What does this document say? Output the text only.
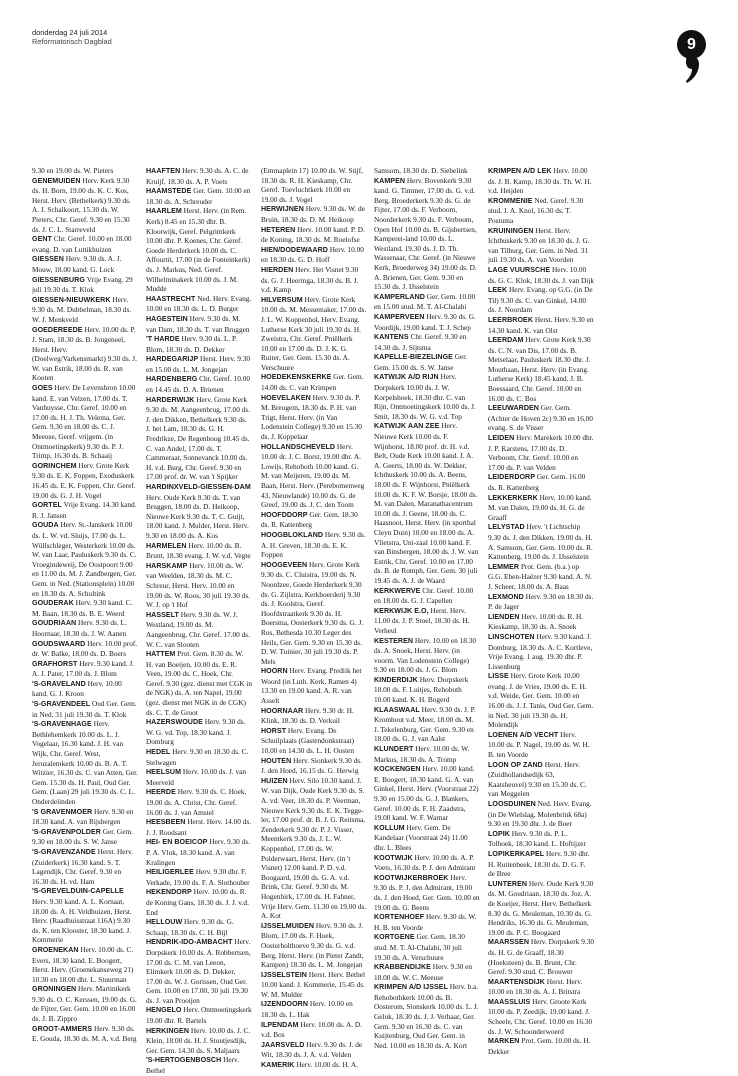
donderdag 24 juli 2014
Reformatorisch Dagblad	9

9.30 en 19.00 ds. W. Pieters

GENEMUIDEN Herv. Kerk 9.30 ds. H. Born, 19.00 ds. K. C. Kos, Herst. Herv. (Bethelkerk) 9.30 ds. A. J. Schalkoort, 15.30 ds. W. Pieters, Chr. Geref. 9.30 en 15.30 ds. J. C. L. Starreveld

GENT Chr. Geref. 10.00 en 18.00 evang. D. van Luttikhuizen

GIESSEN Herv. 9.30 ds. A. J. Mouw, 18.00 kand. G. Lock

GIESSENBURG Vrije Evang. 29 juli 19.30 ds. T. Klok

GIESSEN-NIEUWKERK Herv. 9.30 ds. M. Dubbelman, 18.30 ds. W. J. Menkveld

GOEDEREEDE Herv. 10.00 ds. P. J. Stam, 18.30 ds. B. Jongeneel, Herst. Herv. (Doelweg/Varkensmarkt) 9.30 ds. J. W. van Estrik, 18.00 ds. R. van Kooten

GOES Herv. De Levensbron 10.00 kand. E. van Velzen, 17.00 ds. T. Vanhuysse, Chr. Geref. 10.00 en 17.00 ds. H. J. Th. Velema, Ger. Gem. 9.30 en 18.00 ds. C. J. Meeuse, Geref. vrijgem. (in Ontmoetingskerk) 9.30 ds. P. J. Trimp, 16.30 ds. B. Schaaij

GORINCHEM Herv. Grote Kerk 9.30 ds. E. K. Foppen, Exoduskerk 16.45 ds. E. K. Foppen, Chr. Geref. 19.00 ds. G. J. H. Vogel

GORTEL Vrije Evang. 14.30 kand. R. J. Jansen

GOUDA Herv. St.-Janskerk 10.00 ds. L. W. vd. Sluijs, 17.00 ds. L. Wüllschleger, Westerkerk 10.00 ds. W. van Laar, Pauluskerk 9.30 ds. C. Vroegindeweij, De Oostpoort 9.00 en 11.00 ds. M. J. Zandbergen, Ger. Gem. in Ned. (Stationsplein) 10.00 en 18.30 ds. A. Schultink

GOUDERAK Herv. 9.30 kand. C. M. Baan, 18.30 ds. B. E. Weerd

GOUDRIAAN Herv. 9.30 ds. L. Hoornaar, 18.30 ds. J. W. Aanen

GOUDSWAARD Herv. 10.00 prof. dr. W. Balke, 18.00 ds. D. Boers

GRAFHORST Herv. 9.30 kand. J. A. J. Pater, 17.00 ds. J. Blom

'S-GRAVELAND Herv. 10.00 kand. G. J. Kroon

'S-GRAVENDEEL Oud Ger. Gem. in Ned. 31 juli 19.30 ds. T. Klok

'S-GRAVENHAGE Herv. Bethlehemkerk 10.00 ds. L. J. Vogelaar, 16.30 kand. J. H. van Wijk, Chr. Geref. West, Jeruzalemkerk 10.00 ds. B. A. T. Witzier, 16.30 ds. C. van Atten, Ger. Gem. 15.30 ds. H. Paul, Oud Ger. Gem. (Laan) 29 juli 19.30 ds. C. L. Onderdelinden

'S GRAVENMOER Herv. 9.30 en 18.30 kand. A. van Rijsbergen

'S-GRAVENPOLDER Ger. Gem. 9.30 en 18.00 ds. S. W. Janse

'S-GRAVENZANDE Herst. Herv. (Zuiderkerk) 16.30 kand. S. T. Lagendijk, Chr. Geref. 9.30 en 16.30 ds. H. vd. Ham

'S-GREVELDUIN-CAPELLE Herv. 9.30 kand. A. L. Kornaat, 18.00 ds. A. H. Veldhuizen, Herst. Herv. (Raadhuisstraat 116A) 9.30 ds. K. ten Klooster, 18.30 kand. J. Kommerie

GROENEKAN Herv. 10.00 ds. C. Evers, 18.30 kand. E. Boogert, Herst. Herv. (Groenekanseweg 21) 10.30 en 18.00 dhr. L. Stuurman

GRONINGEN Herv. Martinikerk 9.30 ds. O. C. Kerssen, 19.00 ds. G. de Fijter, Ger. Gem. 10.00 en 16.00 ds. J. B. Zippro

GROOT-AMMERS Herv. 9.30 ds. E. Gouda, 18.30 ds. M. A. v.d. Berg

HAAFTEN Herv. 9.30 ds. A. C. de Kruijf, 18.30 ds. A. P. Voets

HAAMSTEDE Ger. Gem. 10.00 en 18.30 ds. A. Schreuder

HAARLEM Herst. Herv. (in Rem. Kerk) 8.45 en 15.30 dhr. B. Klootwijk, Geref. Pelgrimkerk 10.00 dhr. P. Koenes, Chr. Geref. Goede Herderkerk 10.00 ds. C. Affourtit, 17.00 (in de Fonteinkerk) ds. J. Markus, Ned. Geref. Wilhelminakerk 10.00 ds. J. M. Mudde

HAASTRECHT Ned. Herv. Evang. 10.00 en 18.30 ds. L. D. Burger

HAGESTEIN Herv. 9.30 ds. M. van Dam, 18.30 ds. T. van Bruggen

'T HARDE Herv. 9.30 ds. L. P. Blom, 18.30 ds. D. Dekker

HARDEGARIJP Herst. Herv. 9.30 en 15.00 ds. L. M. Jongejan

HARDENBERG Chr. Geref. 10.00 en 14.45 ds. D. A. Brienen

HARDERWIJK Herv. Grote Kerk 9.30 ds. M. Aangeenbrug, 17.00 ds. J. den Dikken, Bethelkerk 9.30 ds. J. het Lam, 18.30 ds. G. H. Fredrikze, De Regenboog 10.45 ds. C. van Andel, 17.00 ds. T. Cammeraat, Sonnevanck 10.00 ds. H. v.d. Burg, Chr. Geref. 9.30 en 17.00 prof. dr. W. van 't Spijker

HARDINXVELD-GIESSEN-DAM Herv. Oude Kerk 9.30 ds. T. van Bruggen, 18.00 ds. D. Heikoop, Nieuwe Kerk 9.30 ds. T. C. Guijt, 18.00 kand. J. Mulder, Herst. Herv. 9.30 en 18.00 ds. A. Kos

HARMELEN Herv. 10.00 ds. B. Brunt, 18.30 evang. J. W. v.d. Vegte

HARSKAMP Herv. 10.00 ds. W. van Weelden, 18.30 ds. M. C. Schreur, Herst. Herv. 10.00 en 19.00 ds. W. Roos, 30 juli 19.30 ds. W. J. op 't Hof

HASSELT Herv. 9.30 ds. W. J. Westland, 19.00 ds. M. Aangeenbrug, Chr. Geref. 17.00 ds. W. C. van Slooten

HATTEM Prot. Gem. 8.30 ds. W. H. van Boeijen, 10.00 ds. E. R. Veen, 19.00 ds. C. Hoek, Chr. Geref. 9.30 (gez. dienst met CGK in de NGK) ds. A. ten Napel, 19.00 (gez. dienst met NGK in de CGK) ds. C. T. de Groot

HAZERSWOUDE Herv. 9.30 ds. W. G. vd. Top, 18.30 kand. J. Domburg

HEDEL Herv. 9.30 en 18.30 ds. C. Stelwagen

HEELSUM Herv. 10.00 ds. J. van Meerveld

HEERDE Herv. 9.30 ds. C. Hoek, 19.00 ds. A. Christ, Chr. Geref. 16.00 ds. J. van Amstel

HEESBEEN Herst. Herv. 14.00 ds. J. J. Roodsant

HEI- EN BOEICOP Herv. 9.30 ds. P. A. Vlok, 18.30 kand. A. van Kralingen

HEILIGERLEE Herv. 9.30 dhr. F. Verkade, 19.00 ds. F. A. Slothouber

HEKENDORP Herv. 10.00 ds. R. de Koning Gans, 18.30 ds. J. J. v.d. End

HELLOUW Herv. 9.30 ds. G. Schaap, 18.30 ds. C. H. Bijl

HENDRIK-IDO-AMBACHT Herv. Dorpskerk 10.00 ds. A. Robbertsen, 17.00 ds. C. M. van Leeon, Elimkerk 10.00 ds. D. Dekker, 17.00 ds. W. J. Gorissen, Oud Ger. Gem. 10.00 en 17.00, 30 juli 19.30 ds. J. van Prooijen

HENGELO Herv. Ontmoetingskerk 19.00 dhr. R. Bartels

HERKINGEN Herv. 10.00 ds. J. C. Klein, 18.00 ds. H. J. Stoutjesdijk, Ger. Gem. 14.30 ds. S. Maljaars

'S-HERTOGENBOSCH Herv. Bethel

(Emmaplein 17) 10.00 ds. W. Stijf, 18.30 ds. R. H. Kieskamp, Chr. Geref. Toevluchtkerk 10.00 en 19.00 ds. J. Vogel

HERWIJNEN Herv. 9.30 ds. W. de Bruin, 18.30 ds. D. M. Heikoop

HETEREN Herv. 10.00 kand. P. D. de Koning, 18.30 ds. M. Roelofse

HIEN/DODEWAARD Herv. 10.00 en 18.30 ds. G. D. Hoff

HIERDEN Herv. Het Visnet 9.30 ds. G. J. Heeringa, 18.30 ds. B. J. v.d. Kamp

HILVERSUM Herv. Grote Kerk 10.00 ds. M. Messemaker, 17.00 ds. J. L. W. Koppenhol, Herv. Evang. Lutherse Kerk 30 juli 19.30 ds. H. Zweistra, Chr. Geref. Pniëlkerk 10.00 en 17.00 ds. D. J. K. G. Ruiter, Ger. Gem. 15.30 ds. A. Verschuure

HOEDEKENSKERKE Ger. Gem. 14.00 ds. C. van Krimpen

HOEVELAKEN Herv. 9.30 ds. P. M. Breugem, 18.30 ds. P. H. van Trigt, Herst. Herv. (in Van Lodenstein College) 9.30 en 15.30 ds. J. Koppelaar

HOLLANDSCHEVELD Herv. 10.00 dr. J. C. Borst, 19.00 dhr. A. Lowijs, Rehoboth 10.00 kand. G. M. van Meijeren, 19.00 ds. M. Baan, Herst. Herv. (Perebomenweg 43, Nieuwlande) 10.00 ds. G. de Greef, 19.00 ds. J. C. den Toom

HOOFDDORP Ger. Gem. 18.30 ds. R. Kattenberg

HOOGBLOKLAND Herv. 9.30 ds. A. H. Greven, 18.30 ds. E. K. Foppen

HOOGEVEEN Herv. Grote Kerk 9.30 ds. C. Cluistra, 19.00 ds. N. Noordzee, Goede Herderkerk 9.30 ds. G. Zijlstra, Kerkboerderij 9.30 ds. J. Koolstra, Geref. Hoofdstraatkerk 9.30 ds. H. Boersma, Oosterkerk 9.30 ds. G. J. Ros, Bethesda 10.30 Leger des Heils, Ger. Gem. 9.30 en 15.30 ds. D. W. Tuinier, 30 juli 19.30 ds. P. Mels

HOORN Herv. Evang. Prediik het Woord (in Luth. Kerk, Ramen 4) 13.30 en 19.00 kand. A. R. van Asselt

HOORNAAR Herv. 9.30 dr. H. Klink, 18.30 ds. D. Verkuil

HORST Herv. Evang. De Schuilplaats (Gastendonkstraat) 10.00 en 14.30 ds. L. H. Oosten

HOUTEN Herv. Sionkerk 9.30 ds. J. den Hoed, 16.15 ds. G. Herwig

HUIZEN Herv. Silo 10.30 kand. J. W. van Dijk, Oude Kerk 9.30 ds. S. A. vd. Veer, 18.30 ds. P. Veerman, Nieuwe Kerk 9.30 ds. E. K. Tegge-ler, 17.00 prof. dr. B. J. G. Reitsma, Zenderkerk 9.30 dr. P. J. Visser, Meentkerk 9.30 ds. J. L. W. Koppenhol, 17.00 ds. W. Polderwaart, Herst. Herv. (in 't Visnet) 12.00 kand. P. D. v.d. Boogaard, 19.00 ds. G. A. v.d. Brink, Chr. Geref. 9.30 ds. M. Hogenbirk, 17.00 ds. H. Fahner, Vrije Herv. Gem. 11.30 en 19.00 ds. A. Kot

IJSSELMUIDEN Herv. 9.30 ds. J. Blom, 17.00 ds. F. Hoek, Oosterholthoeve 9.30 ds. G. v.d. Berg, Herst. Herv. (in Pieter Zandt, Kampen) 18.30 ds. L. M. Jongejan

IJSSELSTEIN Herst. Herv. Bethel 10.00 kand. J. Kommerie, 15.45 ds. W. M. Mulder

IJZENDOORN Herv. 10.00 en 18.30 ds. L. Hak

ILPENDAM Herv. 10.00 ds. A. D. v.d. Bos

JAARSVELD Herv. 9.30 ds. J. de Wit, 18.30 ds. J. A. v.d. Velden

KAMERIK Herv. 10.00 ds. H. A.

Samsom, 18.30 ds. D. Siebelink

KAMPEN Herv. Bovenkerk 9.30 kand. G. Timmer, 17.00 ds. G. v.d. Berg, Broederkerk 9.30 ds. G. de Fijter, 17.00 ds. F. Verboom, Noorderkerk 9.30 ds. F. Verboom, Open Hof 10.00 ds. B. Gijsbertsen, Kamperei-land 10.00 ds. L. Westland, 19.30 ds. J. D. Th. Wassenaar, Chr. Geref. (in Nieuwe Kerk, Broederweg 34) 19.00 ds. D. A. Brienen, Ger. Gem. 9.30 en 15.30 ds. J. IJsselstein

KAMPERLAND Ger. Gem. 10.00 en 15.00 stud. M. T. Al-Chalabi

KAMPERVEEN Herv. 9.30 ds. G. Voordijk, 19.00 kand. T. J. Schep

KANTENS Chr. Geref. 9.30 en 14.30 ds. J. Sijtsma

KAPELLE-BIEZELINGE Ger. Gem. 15.00 ds. S. W. Janse

KATWIJK A/D RIJN Herv. Dorpskerk 10.00 ds. J. W. Korpelshoek, 18.30 dhr. C. van Rijn, Ontmoetingskerk 10.00 ds. J. Smit, 18.30 ds. W. G. v.d. Top

KATWIJK AAN ZEE Herv. Nieuwe Kerk 10.00 ds. F. Wijnhorst, 18.00 prof. dr. H. v.d. Belt, Oude Kerk 10.00 kand. J. A. A. Geerts, 18.00 ds. W. Dekker, Ichthuskerk 10.00 ds. A. Beens, 18.00 ds. F. Wijnhorst, Pniëlkerk 10.00 ds. K. F. W. Borsje, 18.00 ds. M. van Dalen, Maranathacentrum 10.00 ds. J. Geene, 18.00 ds. C. Haasnoot, Herst. Herv. (in sporthal Cleyn Duin) 10.00 en 18.00 ds. A. Vlietstra, Uni-zaal 10.00 kand. F. van Binsbergen, 18.00 ds. J. W. van Estrik, Chr. Geref. 10.00 en 17.00 ds. B. de Romph, Ger. Gem. 30 juli 19.45 ds. A. J. de Waard

KERKWERVE Chr. Geref. 10.00 en 18.00 ds. G. J. Capellen

KERKWIJK E.O, Herst. Herv. 11.00 ds. J. P. Stoel, 18.30 ds. H. Verheul

KESTEREN Herv. 10.00 en 18.30 ds. A. Snoek, Herst. Herv. (in voorm. Van Lodenstein College) 9.30 en 18.00 ds. J. G. Blom

KINDERDIJK Herv. Dorpskerk 18.00 ds. F. Luitjes, Rehoboth 10.00 kand. K. H. Bogerd

KLAASWAAL Herv. 9.30 ds. J. P. Kromhout v.d. Meer, 18.00 ds. M. J. Tekelenburg, Ger. Gem. 9.30 en 18.00 ds. G. J. van Aalst

KLUNDERT Herv. 10.00 ds. W. Markus, 18.30 ds. A. Tromp

KOCKENGEN Herv. 10.00 kand. E. Boogert, 18.30 kand. G. A. van Ginkel, Herst. Herv. (Voorstraat 22) 9.30 en 15.00 ds. G. J. Blankers, Geref. 10.00 ds. F. H. Zaadstra, 19.00 kand. W. F. Warnar

KOLLUM Herv. Gem. De Kandelaar (Voorstraat 24) 11.00 dhr. L. Blees

KOOTWIJK Herv. 10.00 ds. A. P. Voets, 16.30 ds. P. J. den Admirant

KOOTWIJKERBROEK Herv. 9.30 ds. P. J. den Admirant, 19.00 ds. J. den Hoed, Ger. Gem. 10.00 en 19.00 ds. G. Beens

KORTENHOEF Herv. 9.30 ds. W. H. B. ten Voorde

KORTGENE Ger. Gem. 18.30 stud. M. T. Al-Chalabi, 30 juli 19.30 ds. A. Verschuure

KRABBENDIJKE Herv. 9.30 en 18.00 ds. W. C. Meeuse

KRIMPEN A/D IJSSEL Herv. b.a. Rehobothkerk 10.00 ds. B. Oosterom, Sionskerk 10.00 ds. L. J. Geluk, 18.30 ds. J. J. Verhaar, Ger. Gem. 9.30 en 16.30 ds. C. van Kuijtenburg, Oud Ger. Gem. in Ned. 10.00 en 18.30 ds. A. Kort

KRIMPEN A/D LEK Herv. 10.00 ds. J. B. Kamp, 18.30 ds. Th. W. H. v.d. Heijden

KROMMENIE Ned. Geref. 9.30 stud. J. A. Knol, 16.30 ds. T. Postuma

KRUININGEN Herst. Herv. Ichthuskerk 9.30 en 18.30 ds. J. G. van Tilburg, Ger. Gem. in Ned. 31 juli 19.30 ds. A. van Voorden

LAGE VUURSCHE Herv. 10.00 ds. G. C. Klok, 18.30 ds. J. van Dijk

LEEK Herv. Evang. op G.G. (in De Til) 9.30 ds. C. van Ginkel, 14.00 ds. J. Noordam

LEERBROEK Herst. Herv. 9.30 en 14.30 kand. K. van Olst

LEERDAM Herv. Grote Kerk 9.30 ds. C. N. van Dis, 17.00 ds. B. Metselaar, Pauluskerk 18.30 dhr. J. Mouthaan, Herst. Herv. (in Evang. Lutherse Kerk) 18.45 kand. J. B. Boessaard, Chr. Geref. 10.00 en 16.00 ds. C. Bos

LEEUWARDEN Ger. Gem. (Achter de Hoven 2c) 9.30 en 16.00 evang. S. de Visser

LEIDEN Herv. Marekerk 10.00 dhr. J. P. Karstens, 17.00 ds. D. Verboom, Chr. Geref. 10.00 en 17.00 ds. P. van Velden

LEIDERDORP Ger. Gem. 16.00 ds. R. Kattenberg

LEKKERKERK Herv. 10.00 kand. M. van Dalen, 19.00 ds. H. G. de Graaff

LELYSTAD Herv. 't Lichtschip 9.30 ds. J. den Dikken, 19.00 ds. H. A. Samsom, Ger. Gem. 10.00 ds. R. Kattenberg, 19.00 ds. J. IJsselstein

LEMMER Prot. Gem. (b.a.) op G.G. Eben-Haëzer 9.30 kand. A. N. J. Scheer, 18.00 ds. A. Baas

LEXMOND Herv. 9.30 en 18.30 ds. P. de Jager

LIENDEN Herv. 10.00 ds. R. H. Kieskamp, 18.30 ds. A. Snoek

LINSCHOTEN Herv. 9.30 kand. J. Domburg, 18.30 ds. A. C. Kortleve, Vrije Evang. 1 aug. 19.30 dhr. P. Lissenburg

LISSE Herv. Grote Kerk 10.00 evang. J. de Vries, 19.00 ds. E. H. v.d. Weide, Ger. Gem. 10.00 en 16.00 ds. J. J. Tanis, Oud Ger. Gem. in Ned. 30 juli 19.30 ds. H. Molendijk

LOENEN A/D VECHT Herv. 10.00 ds. P. Nagel, 19.00 ds. W. H. B. ten Voorde

LOON OP ZAND Herst. Herv. (Zuidhollandsedijk 63, Kaatsheuvel) 9.30 en 15.30 ds. C. van Meggelen

LOOSDUINEN Ned. Herv. Evang. (in De Wielslag, Molenbrink 68a) 9.30 en 19.30 dhr. J. de Boer

LOPIK Herv. 9.30 ds. P. L. Tolhoek, 18.30 kand. L. Hoftijzer

LOPIKERKAPEL Herv. 9.30 dhr. H. Ruitenbeek, 18.30 ds. D. G. F. de Bree

LUNTEREN Herv. Oude Kerk 9.30 ds. M. Goudriaan, 18.30 ds. Joz. A. de Koeijer, Herst. Herv. Bethelkerk 8.30 ds. G. Meuleman, 10.30 ds. G. Hendriks, 16.30 ds. G. Meuleman, 19.00 ds. P. C. Boogaard

MAARSSEN Herv. Dorpskerk 9.30 ds. H. G. de Graaff, 18.30 (Hoeksteen) ds. B. Brunt, Chr. Geref. 9.30 stud. C. Brouwer

MAARTENSDIJK Herst. Herv. 10.00 en 18.30 ds. A. J. Britstra

MAASSLUIS Herv. Groote Kerk 10.00 ds. P. Zeedijk, 19.00 kand. J. Scheele, Chr. Geref. 10.00 en 16.30 ds. J. W. Schoonderwoerd

MARKEN Prot. Gem. 10.00 ds. H. Dekker
